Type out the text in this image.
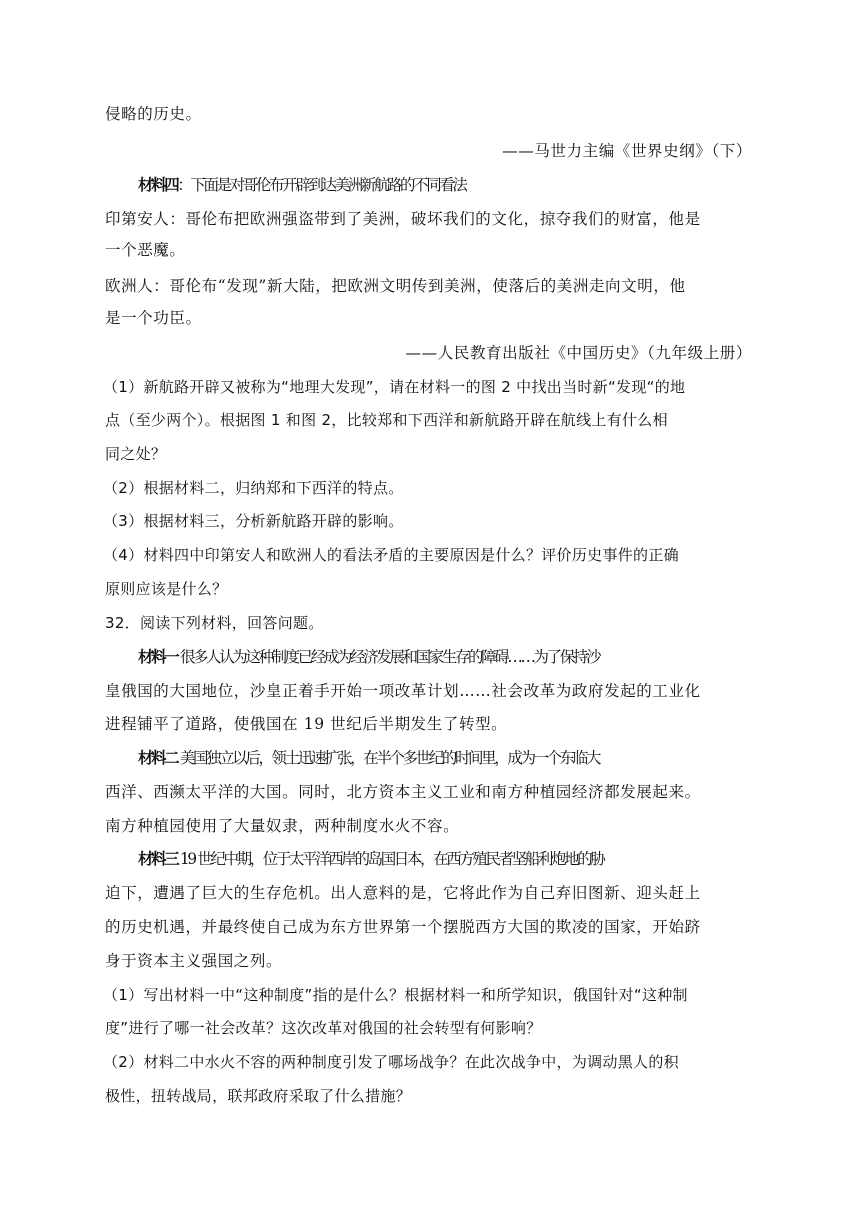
侵略的历史。
——马世力主编《世界史纲》（下）
材料四：下面是对哥伦布开辟到达美洲新航路的不同看法
印第安人：哥伦布把欧洲强盗带到了美洲，破坏我们的文化，掠夺我们的财富，他是
一个恶魔。
欧洲人：哥伦布“发现”新大陆，把欧洲文明传到美洲，使落后的美洲走向文明，他
是一个功臣。
——人民教育出版社《中国历史》（九年级上册）
（1）新航路开辟又被称为“地理大发现”，请在材料一的图 2 中找出当时新“发现“的地
点（至少两个）。根据图 1 和图 2，比较郑和下西洋和新航路开辟在航线上有什么相
同之处？
（2）根据材料二，归纳郑和下西洋的特点。
（3）根据材料三，分析新航路开辟的影响。
（4）材料四中印第安人和欧洲人的看法矛盾的主要原因是什么？评价历史事件的正确
原则应该是什么？
32．阅读下列材料，回答问题。
材料一 很多人认为这种制度已经成为经济发展和国家生存的障碍……为了保持沙
皇俄国的大国地位，沙皇正着手开始一项改革计划……社会改革为政府发起的工业化
进程铺平了道路，使俄国在 19 世纪后半期发生了转型。
材料二 美国独立以后，领土迅速扩张，在半个多世纪的时间里，成为一个东临大
西洋、西濒太平洋的大国。同时，北方资本主义工业和南方种植园经济都发展起来。
南方种植园使用了大量奴隶，两种制度水火不容。
材料三 19 世纪中期，位于太平洋西岸的岛国日本，在西方殖民者坚船利炮地的胁
迫下，遭遇了巨大的生存危机。出人意料的是，它将此作为自己弃旧图新、迎头赶上
的历史机遇，并最终使自己成为东方世界第一个摆脱西方大国的欺凌的国家，开始跻
身于资本主义强国之列。
（1）写出材料一中“这种制度”指的是什么？根据材料一和所学知识，俄国针对“这种制
度”进行了哪一社会改革？这次改革对俄国的社会转型有何影响？
（2）材料二中水火不容的两种制度引发了哪场战争？在此次战争中，为调动黑人的积
极性，扭转战局，联邦政府采取了什么措施？
